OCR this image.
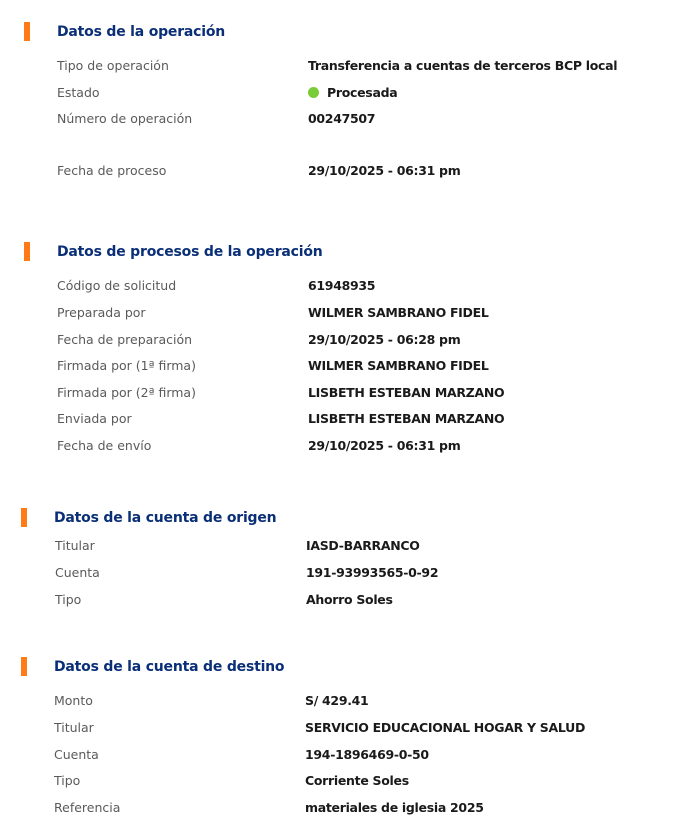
Datos de la operación
Tipo de operación	Transferencia a cuentas de terceros BCP local
Estado	Procesada
Número de operación	00247507
Fecha de proceso	29/10/2025 - 06:31 pm
Datos de procesos de la operación
Código de solicitud	61948935
Preparada por	WILMER SAMBRANO FIDEL
Fecha de preparación	29/10/2025 - 06:28 pm
Firmada por (1ª firma)	WILMER SAMBRANO FIDEL
Firmada por (2ª firma)	LISBETH ESTEBAN MARZANO
Enviada por	LISBETH ESTEBAN MARZANO
Fecha de envío	29/10/2025 - 06:31 pm
Datos de la cuenta de origen
Titular	IASD-BARRANCO
Cuenta	191-93993565-0-92
Tipo	Ahorro Soles
Datos de la cuenta de destino
Monto	S/ 429.41
Titular	SERVICIO EDUCACIONAL HOGAR Y SALUD
Cuenta	194-1896469-0-50
Tipo	Corriente Soles
Referencia	materiales de iglesia 2025
